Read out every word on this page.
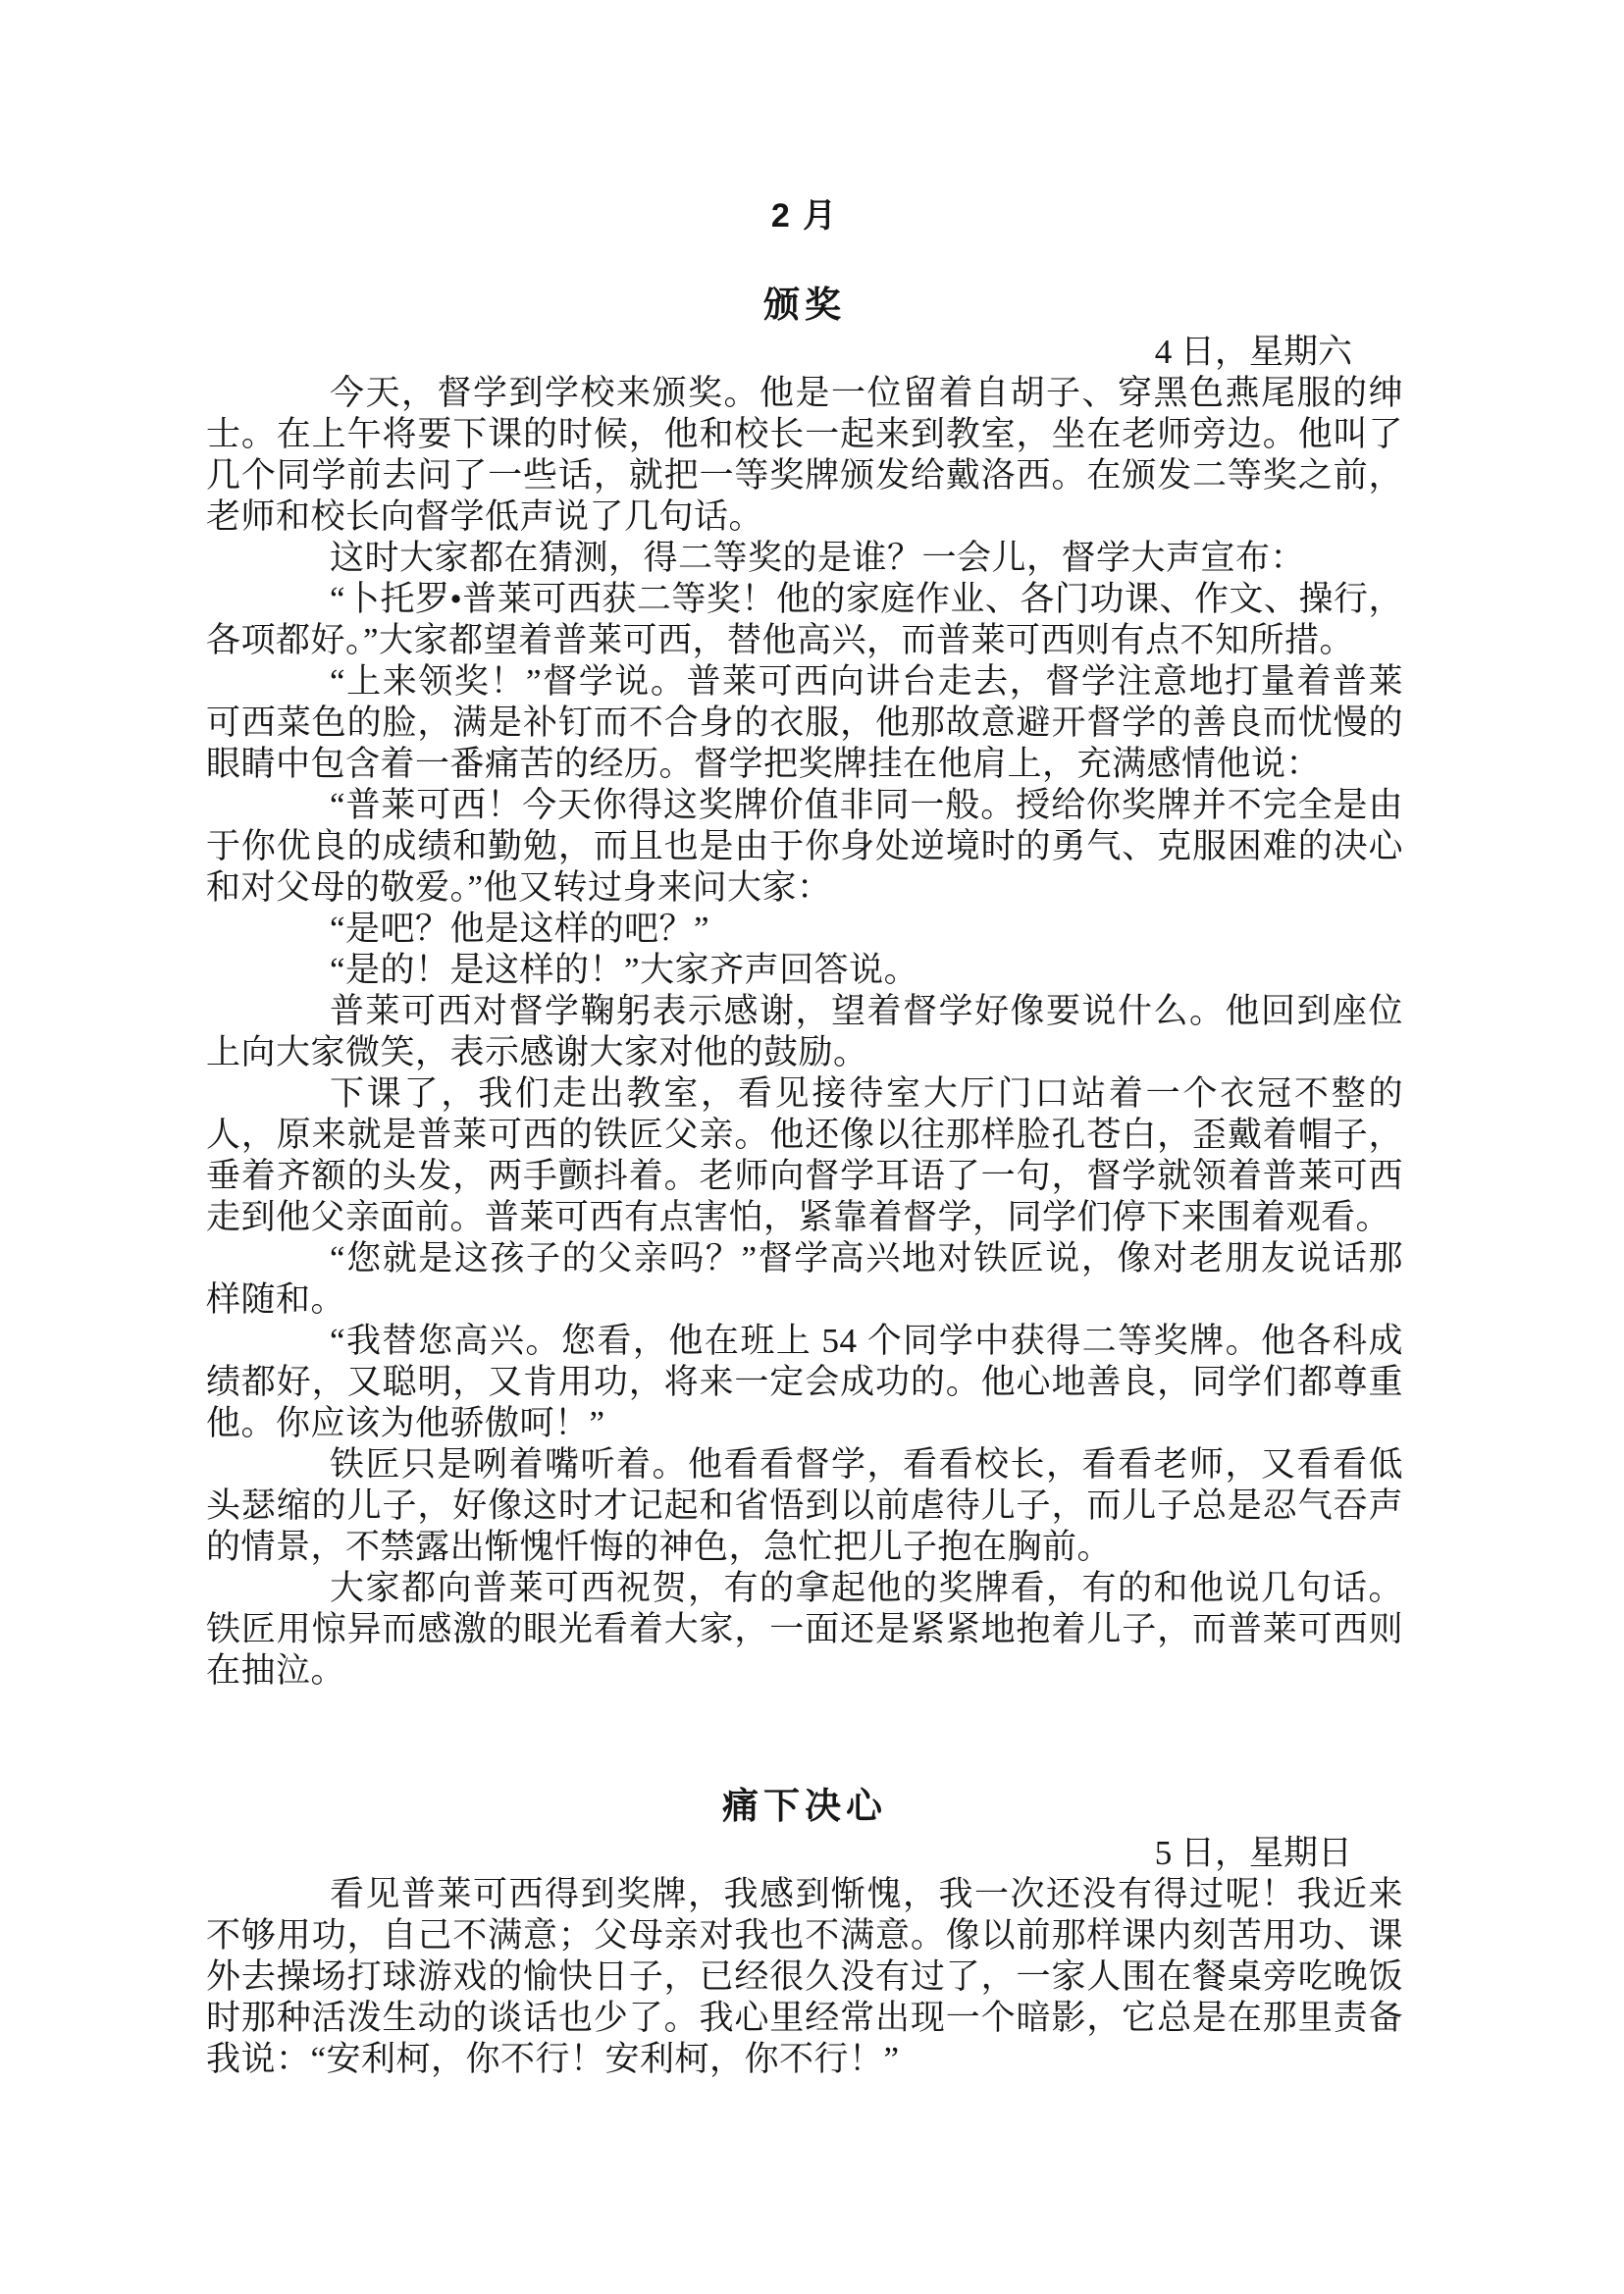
2 月
颁奖
4 日，星期六

今天，督学到学校来颁奖。他是一位留着自胡子、穿黑色燕尾服的绅士。在上午将要下课的时候，他和校长一起来到教室，坐在老师旁边。他叫了几个同学前去问了一些话，就把一等奖牌颁发给戴洛西。在颁发二等奖之前，老师和校长向督学低声说了几句话。

这时大家都在猜测，得二等奖的是谁？一会儿，督学大声宣布：

“卜托罗•普莱可西获二等奖！他的家庭作业、各门功课、作文、操行，各项都好。”大家都望着普莱可西，替他高兴，而普莱可西则有点不知所措。

“上来领奖！”督学说。普莱可西向讲台走去，督学注意地打量着普莱可西菜色的脸，满是补钉而不合身的衣服，他那故意避开督学的善良而忧慢的眼睛中包含着一番痛苦的经历。督学把奖牌挂在他肩上，充满感情他说：

“普莱可西！今天你得这奖牌价值非同一般。授给你奖牌并不完全是由于你优良的成绩和勤勉，而且也是由于你身处逆境时的勇气、克服困难的决心和对父母的敬爱。”他又转过身来问大家：

“是吧？他是这样的吧？”

“是的！是这样的！”大家齐声回答说。

普莱可西对督学鞠躬表示感谢，望着督学好像要说什么。他回到座位上向大家微笑，表示感谢大家对他的鼓励。

下课了，我们走出教室，看见接待室大厅门口站着一个衣冠不整的人，原来就是普莱可西的铁匠父亲。他还像以往那样脸孔苍白，歪戴着帽子，垂着齐额的头发，两手颤抖着。老师向督学耳语了一句，督学就领着普莱可西走到他父亲面前。普莱可西有点害怕，紧靠着督学，同学们停下来围着观看。

“您就是这孩子的父亲吗？”督学高兴地对铁匠说，像对老朋友说话那样随和。

“我替您高兴。您看，他在班上 54 个同学中获得二等奖牌。他各科成绩都好，又聪明，又肯用功，将来一定会成功的。他心地善良，同学们都尊重他。你应该为他骄傲呵！”

铁匠只是咧着嘴听着。他看看督学，看看校长，看看老师，又看看低头瑟缩的儿子，好像这时才记起和省悟到以前虐待儿子，而儿子总是忍气吞声的情景，不禁露出惭愧忏悔的神色，急忙把儿子抱在胸前。

大家都向普莱可西祝贺，有的拿起他的奖牌看，有的和他说几句话。铁匠用惊异而感激的眼光看着大家，一面还是紧紧地抱着儿子，而普莱可西则在抽泣。

痛下决心
5 日，星期日

看见普莱可西得到奖牌，我感到惭愧，我一次还没有得过呢！我近来不够用功，自己不满意；父母亲对我也不满意。像以前那样课内刻苦用功、课外去操场打球游戏的愉快日子，已经很久没有过了，一家人围在餐桌旁吃晚饭时那种活泼生动的谈话也少了。我心里经常出现一个暗影，它总是在那里责备我说：“安利柯，你不行！安利柯，你不行！”
